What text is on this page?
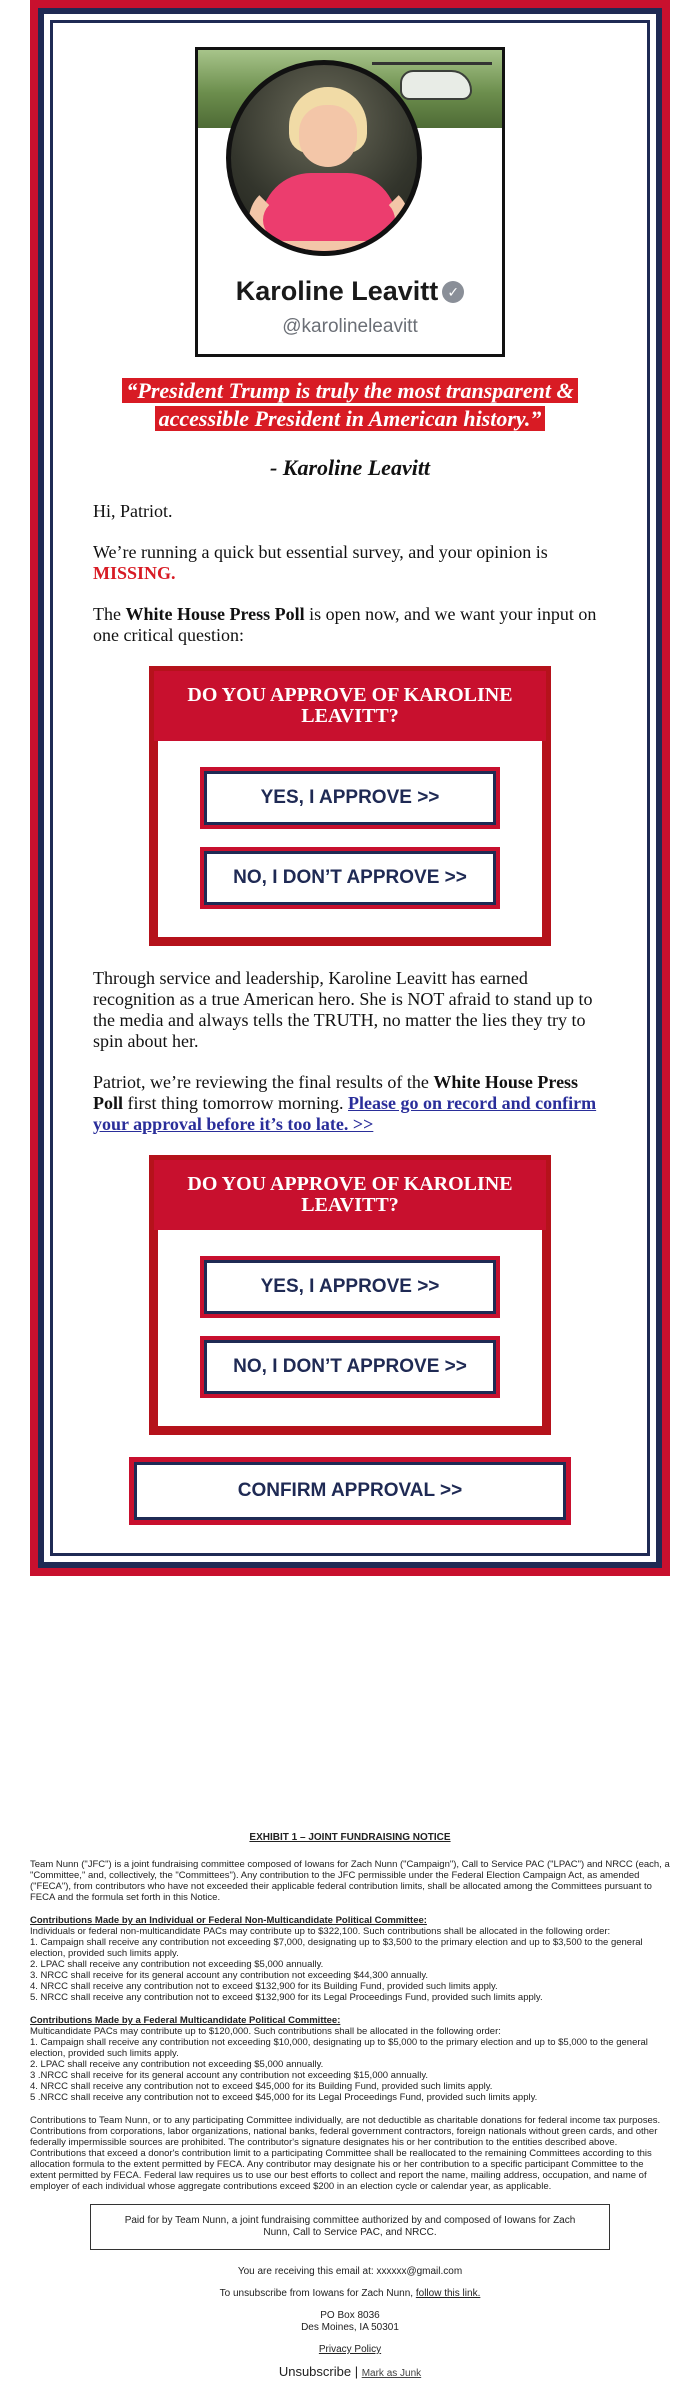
Karoline Leavitt ✓
@karolineleavitt
“President Trump is truly the most transparent & accessible President in American history.”
- Karoline Leavitt

Hi, Patriot.

We’re running a quick but essential survey, and your opinion is MISSING.

The White House Press Poll is open now, and we want your input on one critical question:

DO YOU APPROVE OF KAROLINE LEAVITT?
YES, I APPROVE >>
NO, I DON’T APPROVE >>

Through service and leadership, Karoline Leavitt has earned recognition as a true American hero. She is NOT afraid to stand up to the media and always tells the TRUTH, no matter the lies they try to spin about her.

Patriot, we’re reviewing the final results of the White House Press Poll first thing tomorrow morning. Please go on record and confirm your approval before it’s too late. >>

DO YOU APPROVE OF KAROLINE LEAVITT?
YES, I APPROVE >>
NO, I DON’T APPROVE >>
CONFIRM APPROVAL >>
EXHIBIT 1 – JOINT FUNDRAISING NOTICE

Team Nunn ("JFC") is a joint fundraising committee composed of Iowans for Zach Nunn ("Campaign"), Call to Service PAC ("LPAC") and NRCC (each, a "Committee," and, collectively, the "Committees"). Any contribution to the JFC permissible under the Federal Election Campaign Act, as amended ("FECA"), from contributors who have not exceeded their applicable federal contribution limits, shall be allocated among the Committees pursuant to FECA and the formula set forth in this Notice.

Contributions Made by an Individual or Federal Non-Multicandidate Political Committee:
Individuals or federal non-multicandidate PACs may contribute up to $322,100. Such contributions shall be allocated in the following order:
1. Campaign shall receive any contribution not exceeding $7,000, designating up to $3,500 to the primary election and up to $3,500 to the general election, provided such limits apply.
2. LPAC shall receive any contribution not exceeding $5,000 annually.
3. NRCC shall receive for its general account any contribution not exceeding $44,300 annually.
4. NRCC shall receive any contribution not to exceed $132,900 for its Building Fund, provided such limits apply.
5. NRCC shall receive any contribution not to exceed $132,900 for its Legal Proceedings Fund, provided such limits apply.

Contributions Made by a Federal Multicandidate Political Committee:
Multicandidate PACs may contribute up to $120,000. Such contributions shall be allocated in the following order:
1. Campaign shall receive any contribution not exceeding $10,000, designating up to $5,000 to the primary election and up to $5,000 to the general election, provided such limits apply.
2. LPAC shall receive any contribution not exceeding $5,000 annually.
3 .NRCC shall receive for its general account any contribution not exceeding $15,000 annually.
4. NRCC shall receive any contribution not to exceed $45,000 for its Building Fund, provided such limits apply.
5 .NRCC shall receive any contribution not to exceed $45,000 for its Legal Proceedings Fund, provided such limits apply.

Contributions to Team Nunn, or to any participating Committee individually, are not deductible as charitable donations for federal income tax purposes. Contributions from corporations, labor organizations, national banks, federal government contractors, foreign nationals without green cards, and other federally impermissible sources are prohibited. The contributor's signature designates his or her contribution to the entities described above. Contributions that exceed a donor's contribution limit to a participating Committee shall be reallocated to the remaining Committees according to this allocation formula to the extent permitted by FECA. Any contributor may designate his or her contribution to a specific participant Committee to the extent permitted by FECA. Federal law requires us to use our best efforts to collect and report the name, mailing address, occupation, and name of employer of each individual whose aggregate contributions exceed $200 in an election cycle or calendar year, as applicable.

Paid for by Team Nunn, a joint fundraising committee authorized by and composed of Iowans for Zach Nunn, Call to Service PAC, and NRCC.
You are receiving this email at: xxxxxx@gmail.com
To unsubscribe from Iowans for Zach Nunn, follow this link.
PO Box 8036
Des Moines, IA 50301
Privacy Policy
Unsubscribe | Mark as Junk
